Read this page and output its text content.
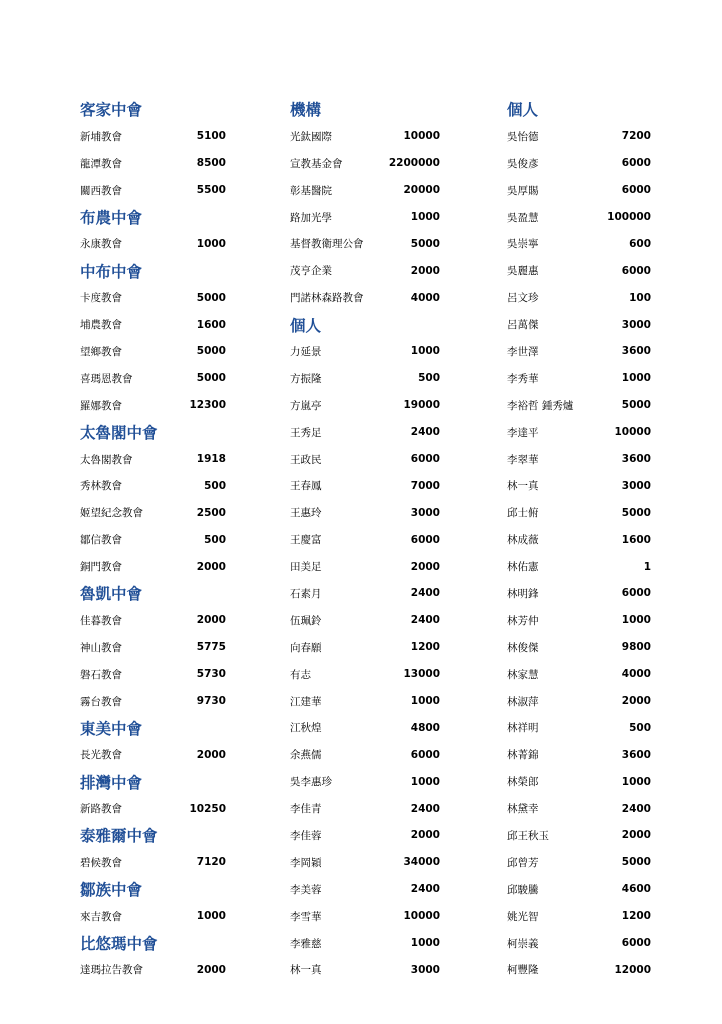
客家中會
新埔教會	5100
龍潭教會	8500
關西教會	5500
布農中會
永康教會	1000
中布中會
卡度教會	5000
埔農教會	1600
望鄉教會	5000
喜瑪恩教會	5000
羅娜教會	12300
太魯閣中會
太魯閣教會	1918
秀林教會	500
姬望紀念教會	2500
鄒信教會	500
銅門教會	2000
魯凱中會
佳暮教會	2000
神山教會	5775
磐石教會	5730
霧台教會	9730
東美中會
長光教會	2000
排灣中會
新路教會	10250
泰雅爾中會
碧候教會	7120
鄒族中會
來吉教會	1000
比悠瑪中會
達瑪拉告教會	2000
機構
光鈦國際	10000
宣教基金會	2200000
彰基醫院	20000
路加光學	1000
基督教衛理公會	5000
茂亨企業	2000
門諾林森路教會	4000
個人
力延景	1000
方振隆	500
方嵐亭	19000
王秀足	2400
王政民	6000
王春鳳	7000
王惠玲	3000
王慶富	6000
田美足	2000
石素月	2400
伍珮鈴	2400
向春願	1200
有志	13000
江建華	1000
江秋煌	4800
余燕儒	6000
吳李惠珍	1000
李佳青	2400
李佳蓉	2000
李岡穎	34000
李美蓉	2400
李雪華	10000
李雅慈	1000
林一真	3000
個人
吳怡德	7200
吳俊彥	6000
吳厚賜	6000
吳盈慧	100000
吳崇寧	600
吳麗惠	6000
呂文珍	100
呂萬傑	3000
李世澤	3600
李秀華	1000
李裕哲 鍾秀爐	5000
李達平	10000
李翠華	3600
林一真	3000
邱士俯	5000
林成薇	1600
林佑憲	1
林明鋒	6000
林芳仲	1000
林俊傑	9800
林家慧	4000
林淑萍	2000
林祥明	500
林菁錦	3600
林榮郎	1000
林黛幸	2400
邱王秋玉	2000
邱曾芳	5000
邱駿騰	4600
姚光智	1200
柯崇義	6000
柯豐隆	12000
